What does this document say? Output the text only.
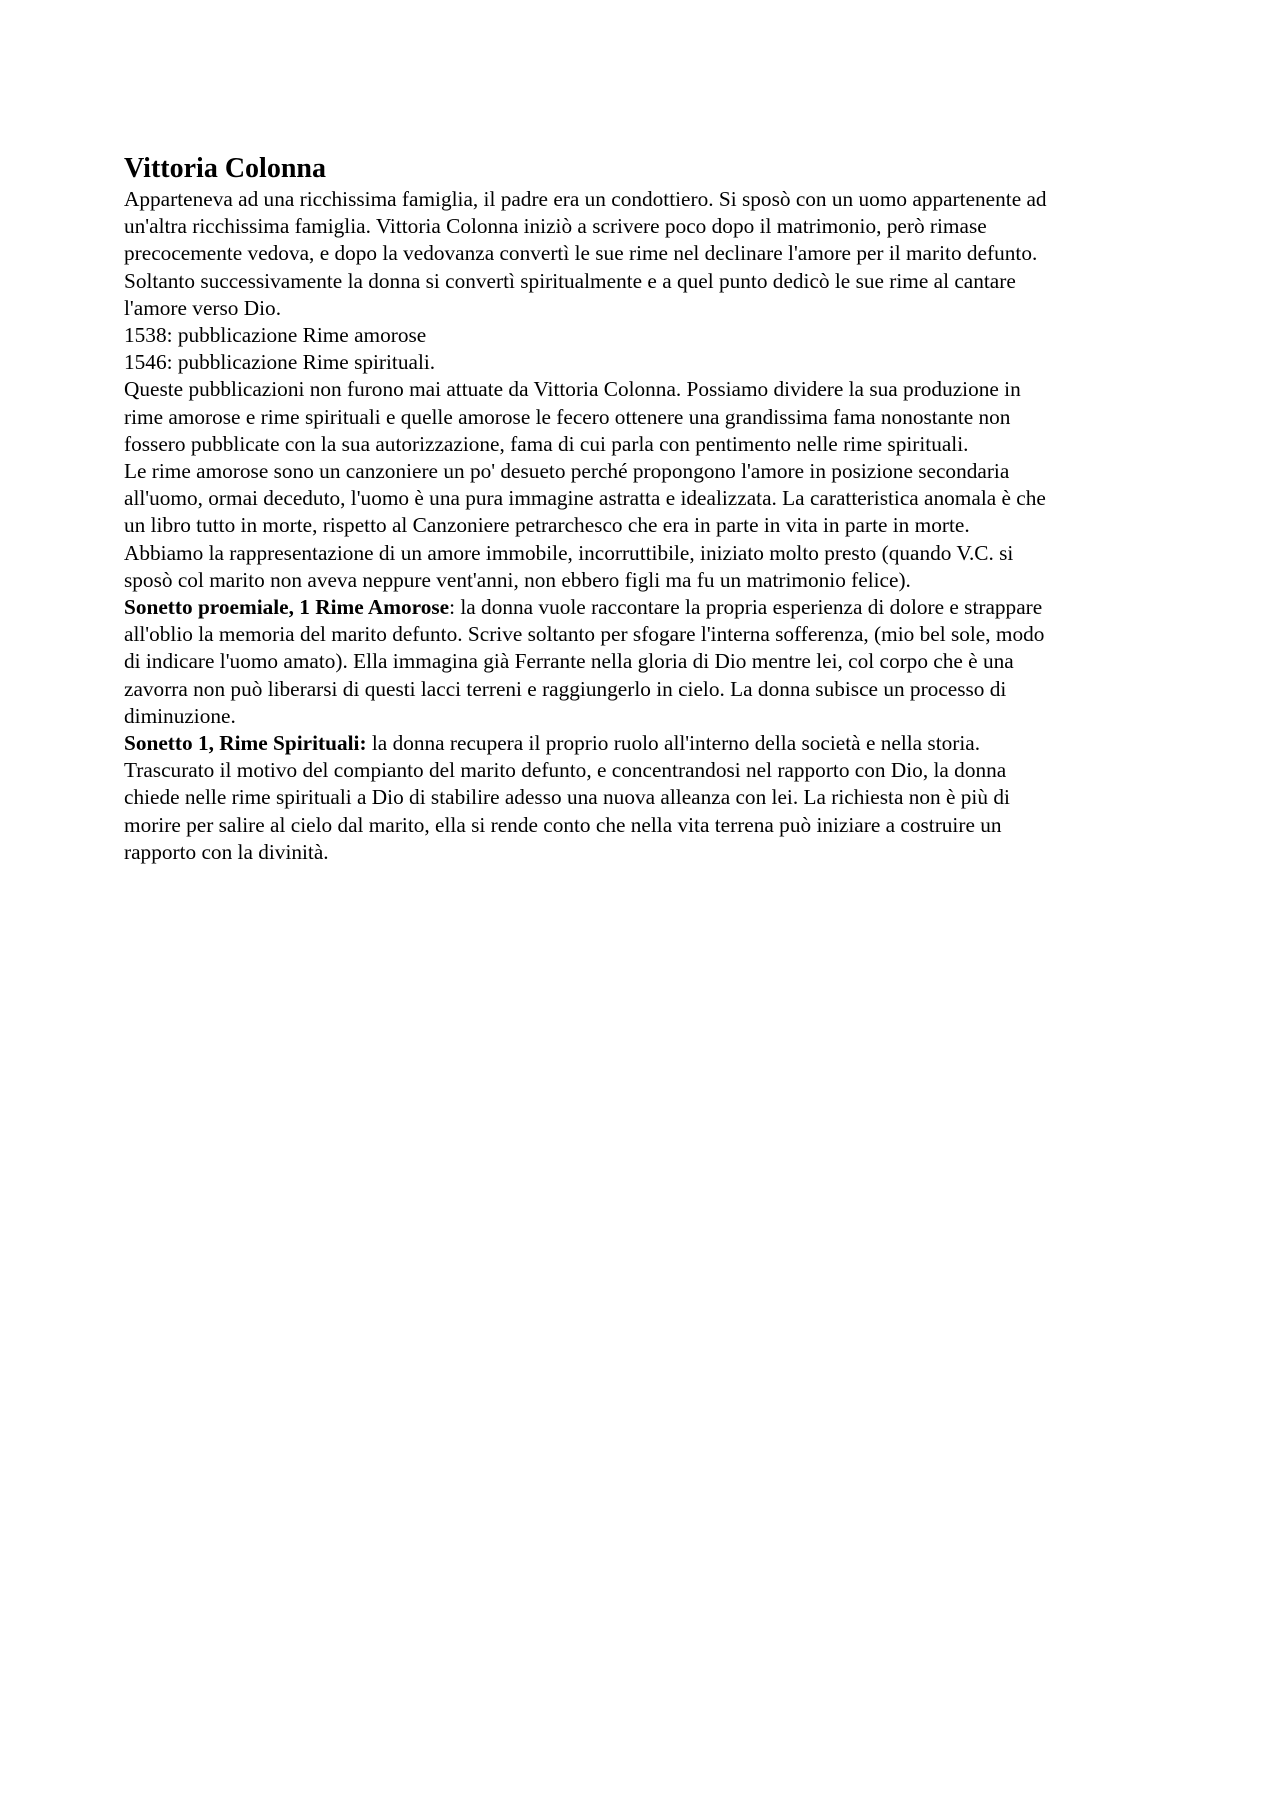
Vittoria Colonna
Apparteneva ad una ricchissima famiglia, il padre era un condottiero. Si sposò con un uomo appartenente ad
un'altra ricchissima famiglia. Vittoria Colonna iniziò a scrivere poco dopo il matrimonio, però rimase
precocemente vedova, e dopo la vedovanza convertì le sue rime nel declinare l'amore per il marito defunto.
Soltanto successivamente la donna si convertì spiritualmente e a quel punto dedicò le sue rime al cantare
l'amore verso Dio.
1538: pubblicazione Rime amorose
1546: pubblicazione Rime spirituali.
Queste pubblicazioni non furono mai attuate da Vittoria Colonna. Possiamo dividere la sua produzione in
rime amorose e rime spirituali e quelle amorose le fecero ottenere una grandissima fama nonostante non
fossero pubblicate con la sua autorizzazione, fama di cui parla con pentimento nelle rime spirituali.
Le rime amorose sono un canzoniere un po' desueto perché propongono l'amore in posizione secondaria
all'uomo, ormai deceduto, l'uomo è una pura immagine astratta e idealizzata. La caratteristica anomala è che
un libro tutto in morte, rispetto al Canzoniere petrarchesco che era in parte in vita in parte in morte.
Abbiamo la rappresentazione di un amore immobile, incorruttibile, iniziato molto presto (quando V.C. si
sposò col marito non aveva neppure vent'anni, non ebbero figli ma fu un matrimonio felice).
Sonetto proemiale, 1 Rime Amorose: la donna vuole raccontare la propria esperienza di dolore e strappare
all'oblio la memoria del marito defunto. Scrive soltanto per sfogare l'interna sofferenza, (mio bel sole, modo
di indicare l'uomo amato). Ella immagina già Ferrante nella gloria di Dio mentre lei, col corpo che è una
zavorra non può liberarsi di questi lacci terreni e raggiungerlo in cielo. La donna subisce un processo di
diminuzione.
Sonetto 1, Rime Spirituali: la donna recupera il proprio ruolo all'interno della società e nella storia.
Trascurato il motivo del compianto del marito defunto, e concentrandosi nel rapporto con Dio, la donna
chiede nelle rime spirituali a Dio di stabilire adesso una nuova alleanza con lei. La richiesta non è più di
morire per salire al cielo dal marito, ella si rende conto che nella vita terrena può iniziare a costruire un
rapporto con la divinità.
